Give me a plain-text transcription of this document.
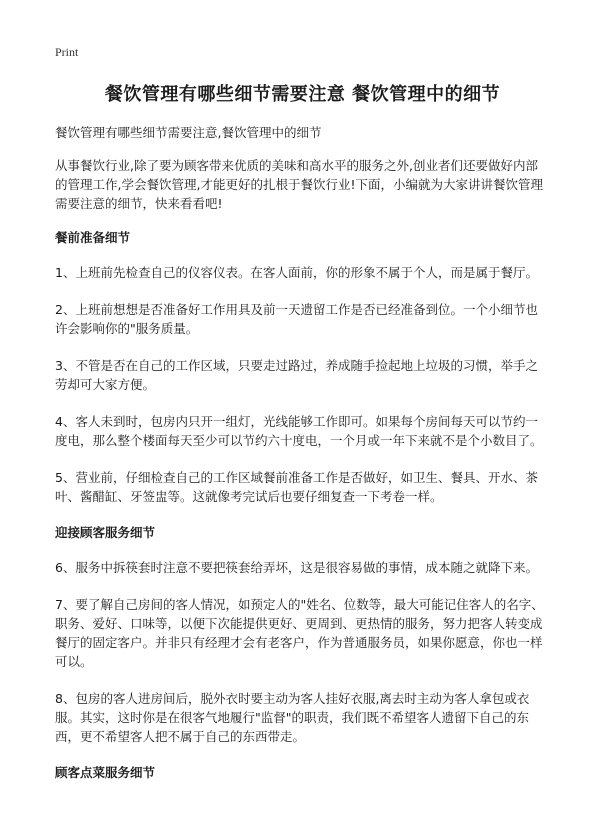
Print
餐饮管理有哪些细节需要注意 餐饮管理中的细节
餐饮管理有哪些细节需要注意,餐饮管理中的细节
从事餐饮行业,除了要为顾客带来优质的美味和高水平的服务之外,创业者们还要做好内部的管理工作,学会餐饮管理,才能更好的扎根于餐饮行业!下面，小编就为大家讲讲餐饮管理需要注意的细节，快来看看吧!
餐前准备细节
1、上班前先检查自己的仪容仪表。在客人面前，你的形象不属于个人，而是属于餐厅。
2、上班前想想是否准备好工作用具及前一天遗留工作是否已经准备到位。一个小细节也许会影响你的"服务质量。
3、不管是否在自己的工作区域，只要走过路过，养成随手捡起地上垃圾的习惯，举手之劳却可大家方便。
4、客人未到时，包房内只开一组灯，光线能够工作即可。如果每个房间每天可以节约一度电，那么整个楼面每天至少可以节约六十度电，一个月或一年下来就不是个小数目了。
5、营业前，仔细检查自己的工作区域餐前准备工作是否做好，如卫生、餐具、开水、茶叶、酱醋缸、牙签盅等。这就像考完试后也要仔细复查一下考卷一样。
迎接顾客服务细节
6、服务中拆筷套时注意不要把筷套给弄坏，这是很容易做的事情，成本随之就降下来。
7、要了解自己房间的客人情况，如预定人的"姓名、位数等，最大可能记住客人的名字、职务、爱好、口味等，以便下次能提供更好、更周到、更热情的服务，努力把客人转变成餐厅的固定客户。并非只有经理才会有老客户，作为普通服务员，如果你愿意，你也一样可以。
8、包房的客人进房间后，脱外衣时要主动为客人挂好衣服,离去时主动为客人拿包或衣服。其实，这时你是在很客气地履行"监督"的职责，我们既不希望客人遗留下自己的东西，更不希望客人把不属于自己的东西带走。
顾客点菜服务细节
